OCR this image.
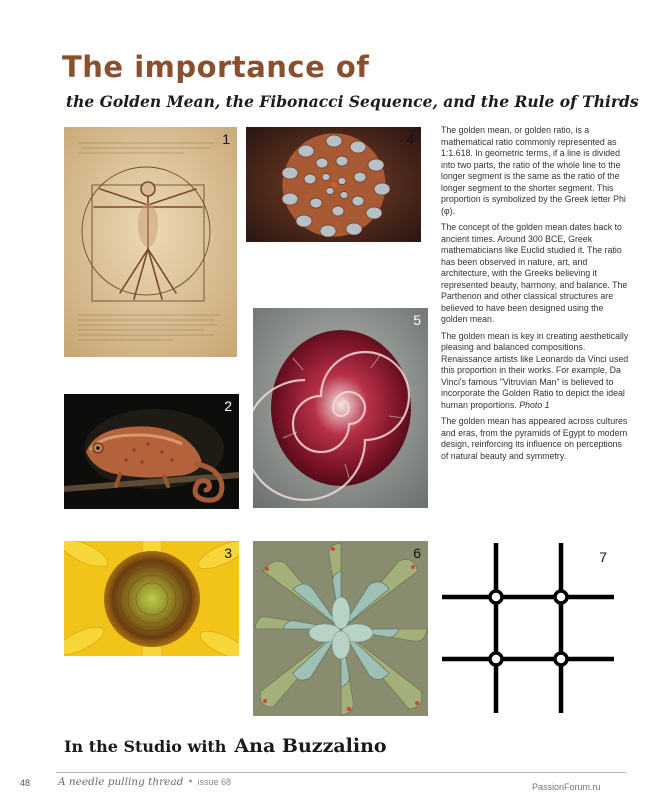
The importance of
the Golden Mean, the Fibonacci Sequence, and the Rule of Thirds
1
2
3
4
5
6	7

The golden mean, or golden ratio, is a mathematical ratio commonly represented as 1:1.618. In geometric terms, if a line is divided into two parts, the ratio of the whole line to the longer segment is the same as the ratio of the longer segment to the shorter segment. This proportion is symbolized by the Greek letter Phi (φ).

The concept of the golden mean dates back to ancient times. Around 300 BCE, Greek mathematicians like Euclid studied it. The ratio has been observed in nature, art, and architecture, with the Greeks believing it represented beauty, harmony, and balance. The Parthenon and other classical structures are believed to have been designed using the golden mean.

The golden mean is key in creating aesthetically pleasing and balanced compositions. Renaissance artists like Leonardo da Vinci used this proportion in their works. For example, Da Vinci's famous "Vitruvian Man" is believed to incorporate the Golden Ratio to depict the ideal human proportions. Photo 1

The golden mean has appeared across cultures and eras, from the pyramids of Egypt to modern design, reinforcing its influence on perceptions of natural beauty and symmetry.

In the Studio with Ana Buzzalino
48	A needle pulling thread • issue 68	PassionForum.ru
